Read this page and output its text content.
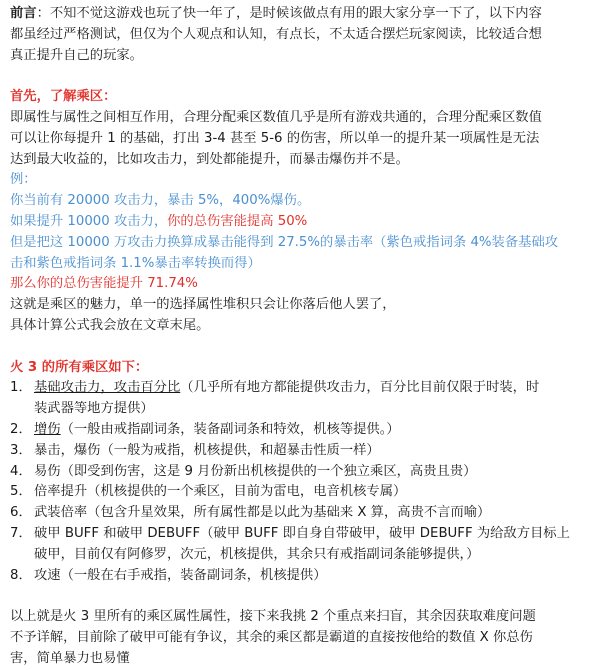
前言：不知不觉这游戏也玩了快一年了，是时候该做点有用的跟大家分享一下了，以下内容
都虽经过严格测试，但仅为个人观点和认知，有点长，不太适合摆烂玩家阅读，比较适合想
真正提升自己的玩家。
首先，了解乘区：
即属性与属性之间相互作用，合理分配乘区数值几乎是所有游戏共通的，合理分配乘区数值
可以让你每提升 1 的基础，打出 3-4 甚至 5-6 的伤害，所以单一的提升某一项属性是无法
达到最大收益的，比如攻击力，到处都能提升，而暴击爆伤并不是。
例：
你当前有 20000 攻击力，暴击 5%，400%爆伤。
如果提升 10000 攻击力，你的总伤害能提高 50%
但是把这 10000 万攻击力换算成暴击能得到 27.5%的暴击率（紫色戒指词条 4%装备基础攻
击和紫色戒指词条 1.1%暴击率转换而得）
那么你的总伤害能提升 71.74%
这就是乘区的魅力，单一的选择属性堆积只会让你落后他人罢了，
具体计算公式我会放在文章末尾。
火 3 的所有乘区如下：
1． 基础攻击力，攻击百分比（几乎所有地方都能提供攻击力，百分比目前仅限于时装，时
装武器等地方提供）
2． 增伤（一般由戒指副词条，装备副词条和特效，机核等提供。）
3． 暴击，爆伤（一般为戒指，机核提供，和超暴击性质一样）
4． 易伤（即受到伤害，这是 9 月份新出机核提供的一个独立乘区，高贵且贵）
5． 倍率提升（机核提供的一个乘区，目前为雷电，电音机核专属）
6． 武装倍率（包含升星效果，所有属性都是以此为基础来 X 算，高贵不言而喻）
7． 破甲 BUFF 和破甲 DEBUFF（破甲 BUFF 即自身自带破甲，破甲 DEBUFF 为给敌方目标上
破甲，目前仅有阿修罗，次元，机核提供，其余只有戒指副词条能够提供，）
8． 攻速（一般在右手戒指，装备副词条，机核提供）
以上就是火 3 里所有的乘区属性属性，接下来我挑 2 个重点来扫盲，其余因获取难度问题
不予详解，目前除了破甲可能有争议，其余的乘区都是霸道的直接按他给的数值 X 你总伤
害，简单暴力也易懂
